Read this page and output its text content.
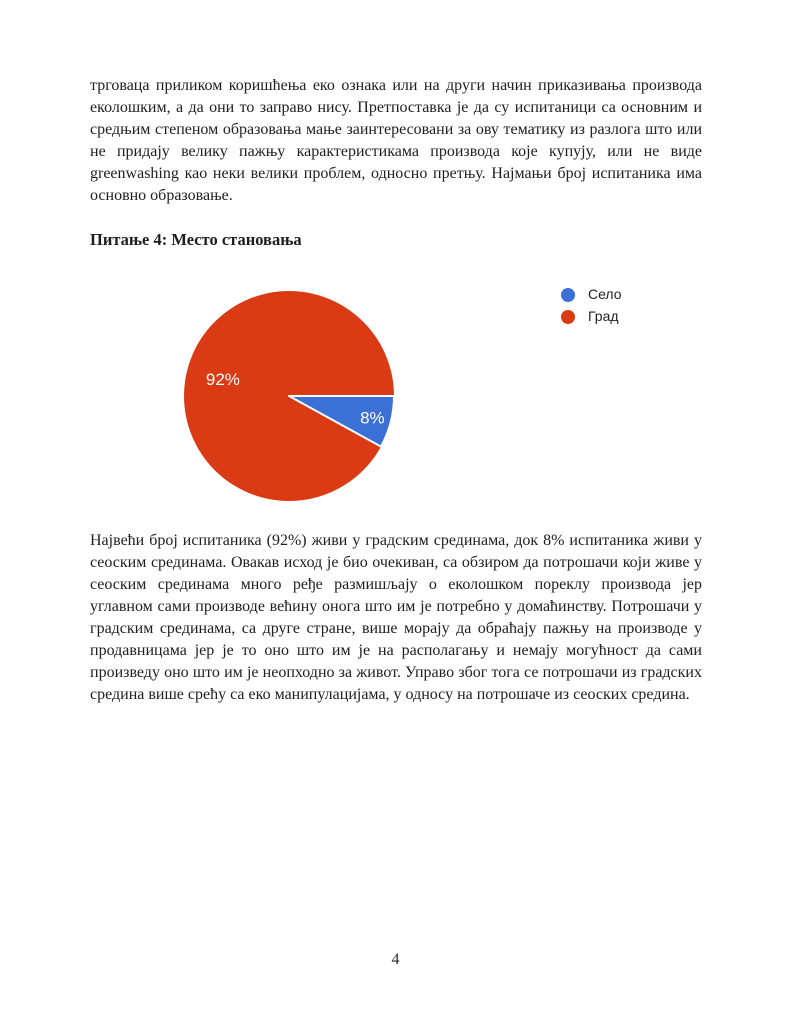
трговаца приликом коришћења еко ознака или на други начин приказивања производа еколошким, а да они то заправо нису. Претпоставка је да су испитаници са основним и средњим степеном образовања мање заинтересовани за ову тематику из разлога што или не придају велику пажњу карактеристикама производа које купују, или не виде greenwashing као неки велики проблем, односно претњу. Најмањи број испитаника има основно образовање.

Питање 4: Место становања
8%
92%
Село
Град

Највећи број испитаника (92%) живи у градским срединама, док 8% испитаника живи у сеоским срединама. Овакав исход је био очекиван, са обзиром да потрошачи који живе у сеоским срединама много ређе размишљају о еколошком пореклу производа јер углавном сами производе већину онога што им је потребно у домаћинству. Потрошачи у градским срединама, са друге стране, више морају да обраћају пажњу на производе у продавницама јер је то оно што им је на располагању и немају могућност да сами произведу оно што им је неопходно за живот. Управо због тога се потрошачи из градских средина више срећу са еко манипулацијама, у односу на потрошаче из сеоских средина.

4
